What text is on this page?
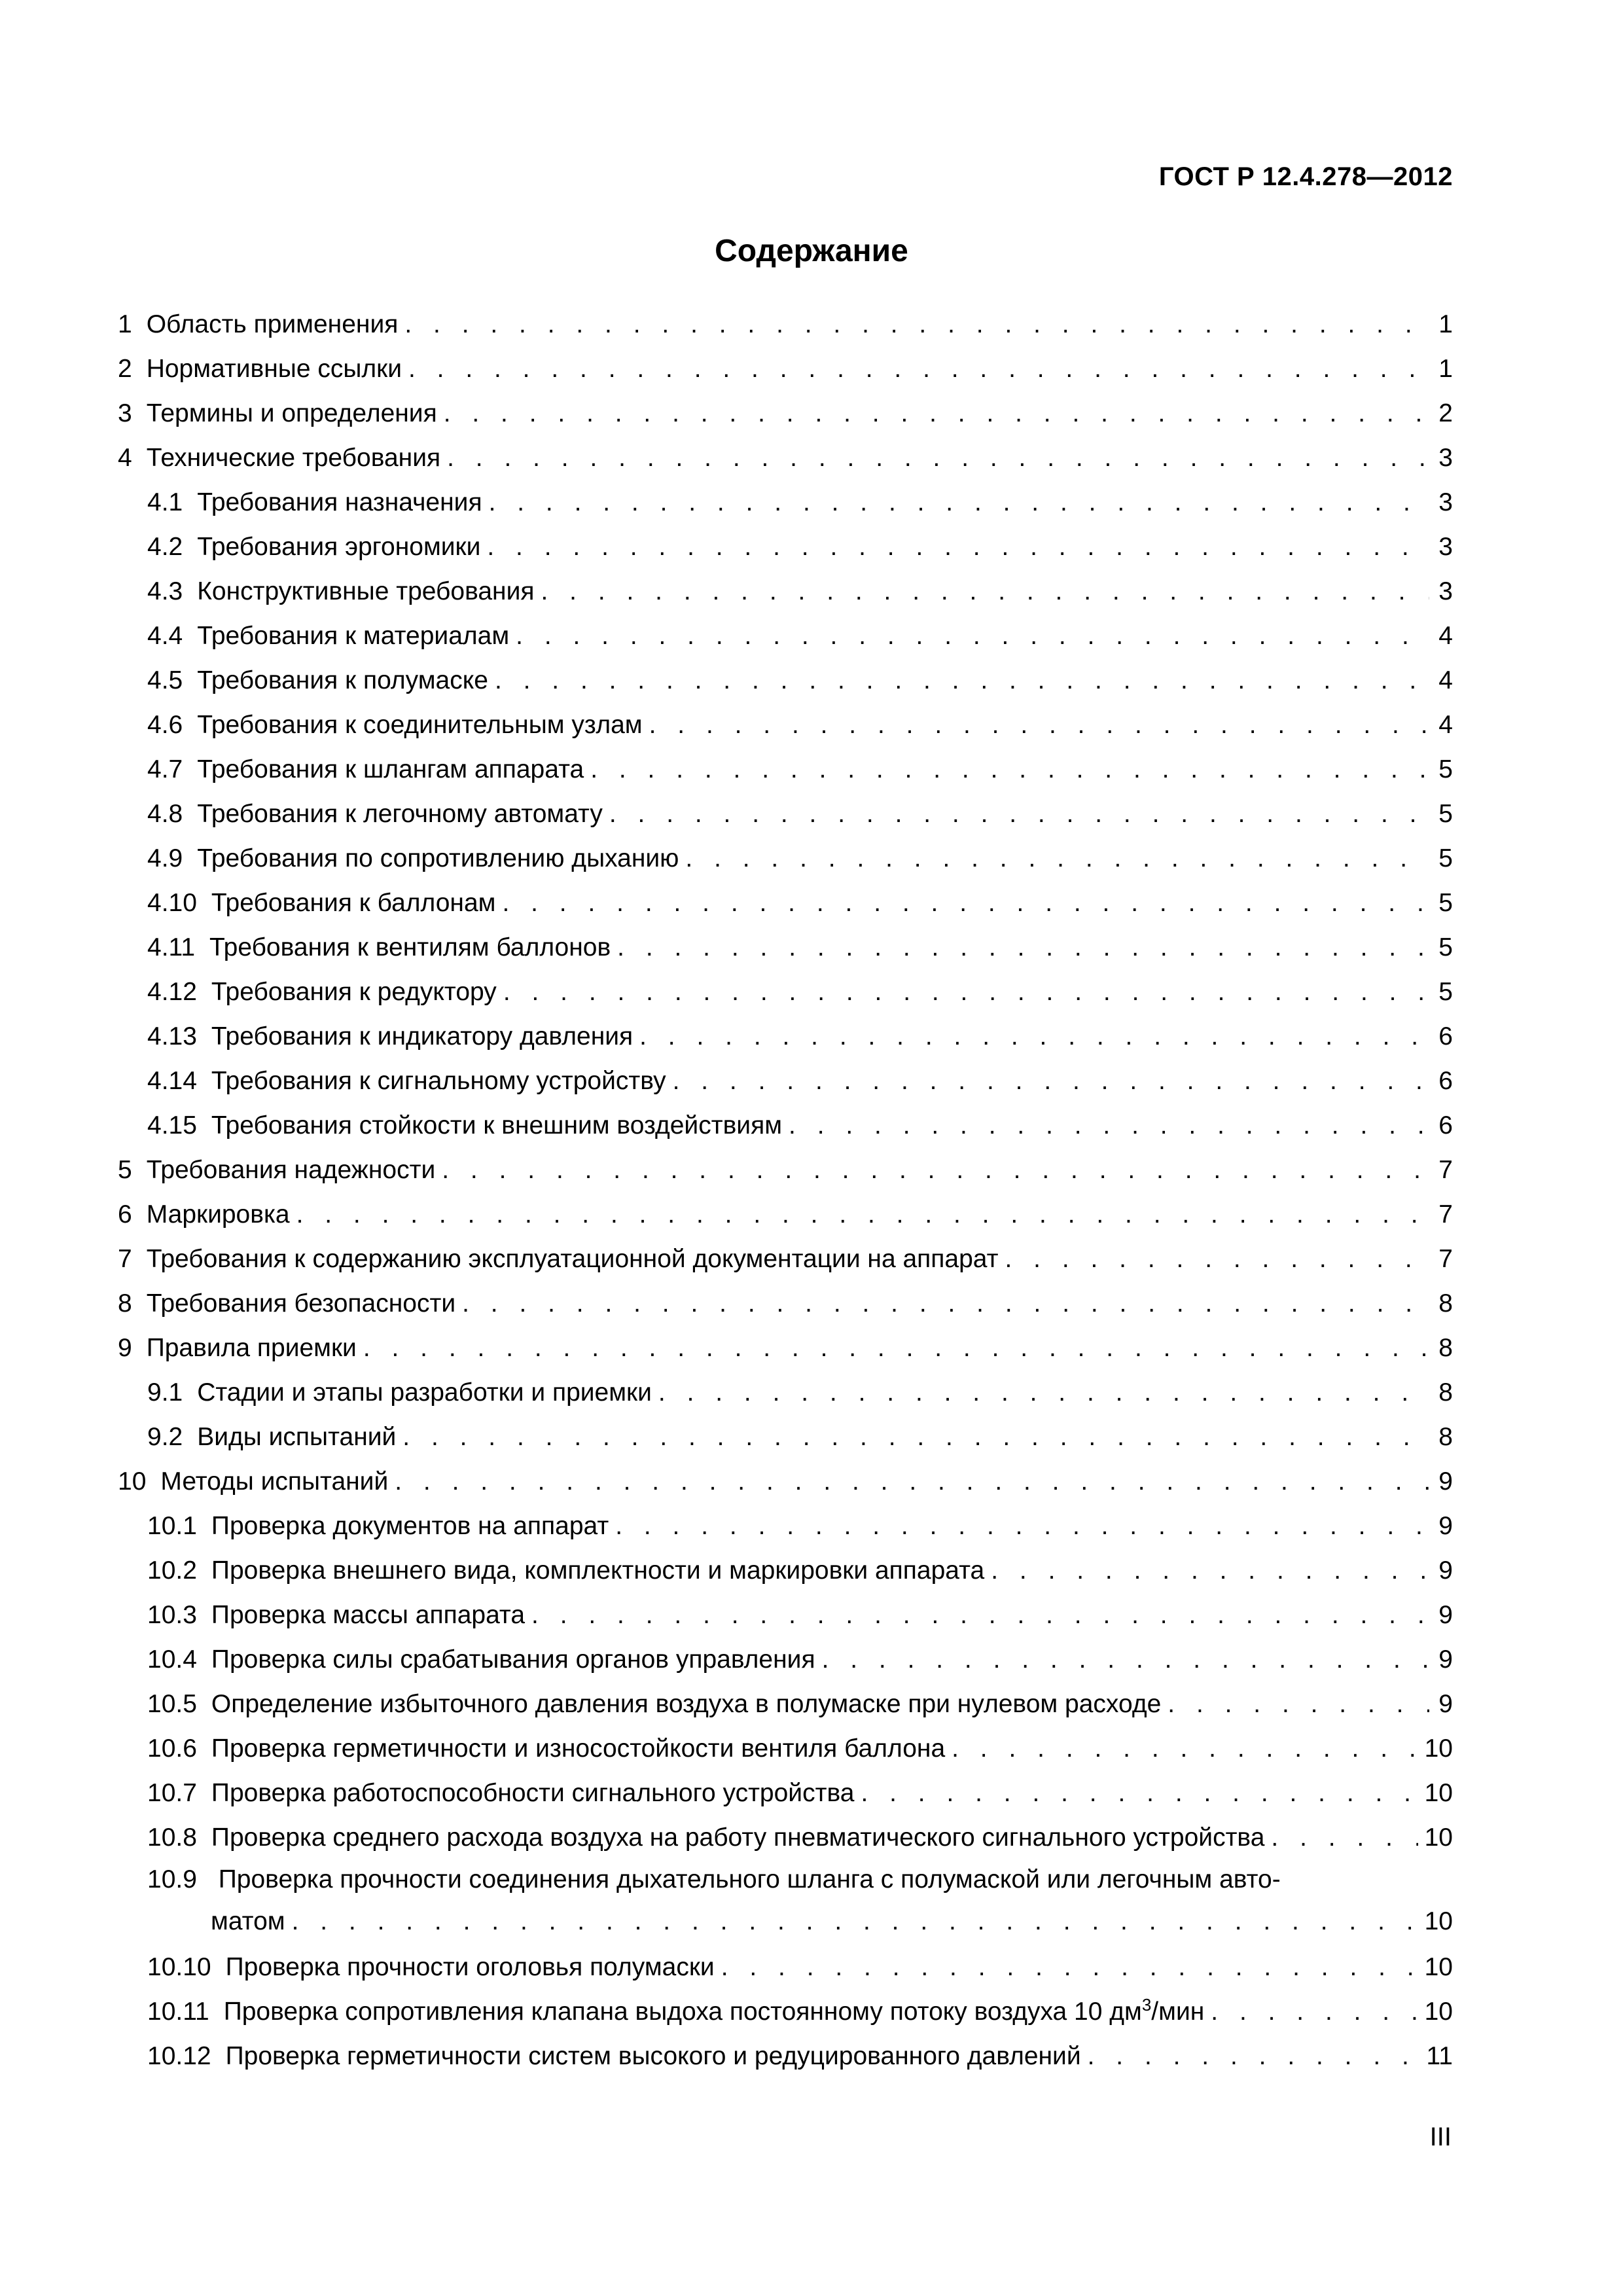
ГОСТ Р 12.4.278—2012
Содержание
1 Область применения . . .	1
2 Нормативные ссылки . . .	1
3 Термины и определения . . .	2
4 Технические требования . . .	3
4.1 Требования назначения . . .	3
4.2 Требования эргономики . . .	3
4.3 Конструктивные требования . . .	3
4.4 Требования к материалам . . .	4
4.5 Требования к полумаске . . .	4
4.6 Требования к соединительным узлам . . .	4
4.7 Требования к шлангам аппарата . . .	5
4.8 Требования к легочному автомату . . .	5
4.9 Требования по сопротивлению дыханию . . .	5
4.10 Требования к баллонам . . .	5
4.11 Требования к вентилям баллонов . . .	5
4.12 Требования к редуктору . . .	5
4.13 Требования к индикатору давления . . .	6
4.14 Требования к сигнальному устройству . . .	6
4.15 Требования стойкости к внешним воздействиям . . .	6
5 Требования надежности . . .	7
6 Маркировка . . .	7
7 Требования к содержанию эксплуатационной документации на аппарат . . .	7
8 Требования безопасности . . .	8
9 Правила приемки . . .	8
9.1 Стадии и этапы разработки и приемки . . .	8
9.2 Виды испытаний . . .	8
10 Методы испытаний . . .	9
10.1 Проверка документов на аппарат . . .	9
10.2 Проверка внешнего вида, комплектности и маркировки аппарата . . .	9
10.3 Проверка массы аппарата . . .	9
10.4 Проверка силы срабатывания органов управления . . .	9
10.5 Определение избыточного давления воздуха в полумаске при нулевом расходе . . .	9
10.6 Проверка герметичности и износостойкости вентиля баллона . . .	10
10.7 Проверка работоспособности сигнального устройства . . .	10
10.8 Проверка среднего расхода воздуха на работу пневматического сигнального устройства . . .	10
10.9 Проверка прочности соединения дыхательного шланга с полумаской или легочным авто-
матом . . .	10
10.10 Проверка прочности оголовья полумаски . . .	10
10.11 Проверка сопротивления клапана выдоха постоянному потоку воздуха 10 $дм^3$/мин . . .	10
10.12 Проверка герметичности систем высокого и редуцированного давлений . . .	11
III
